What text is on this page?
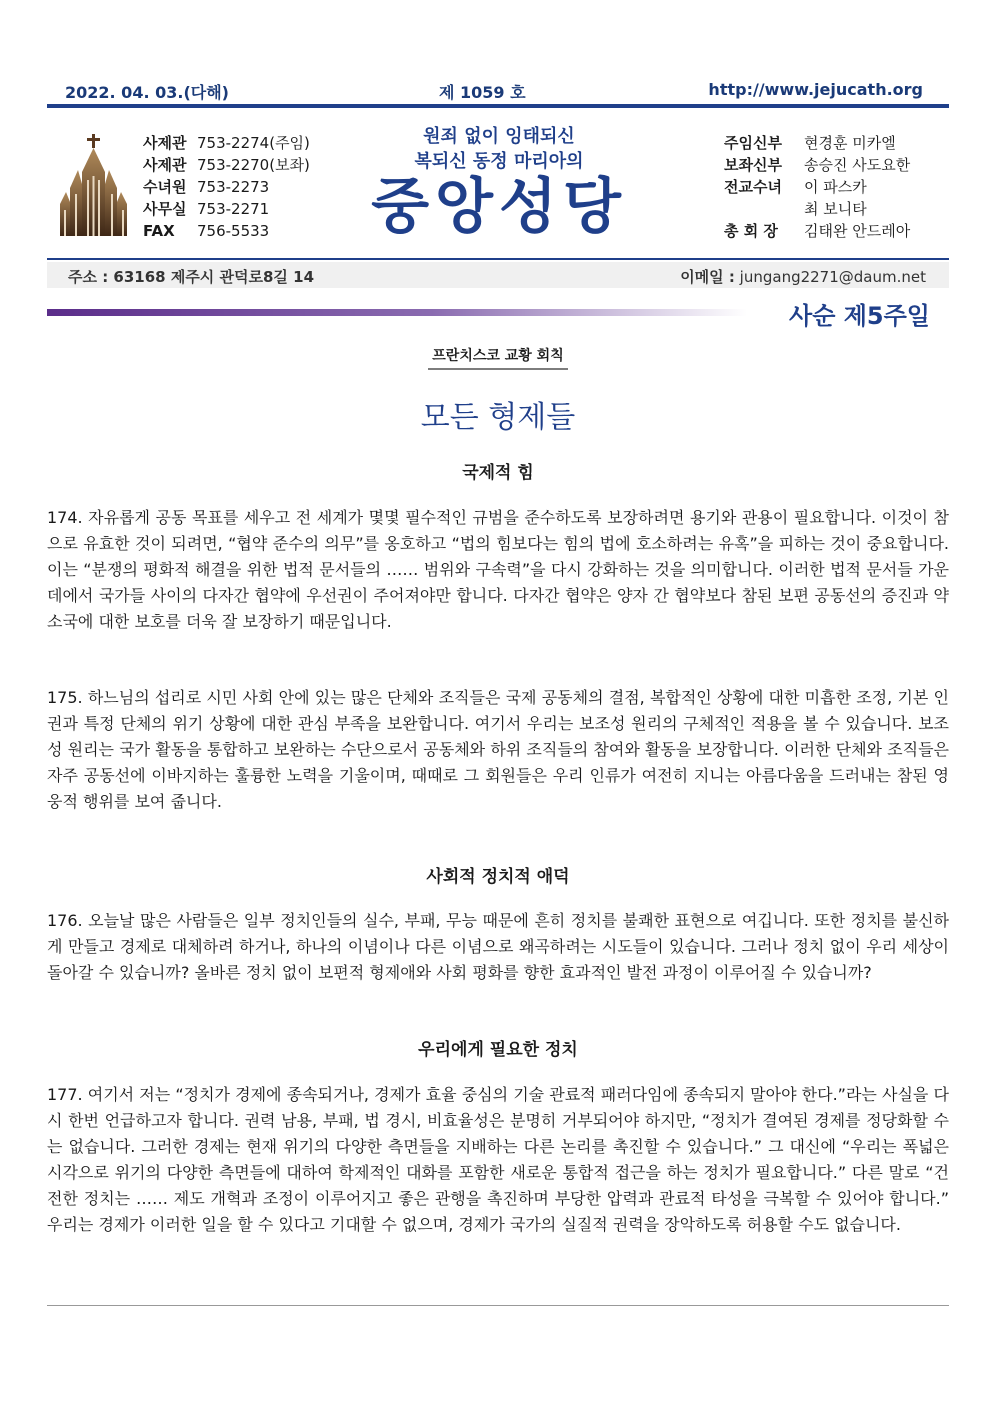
2022. 04. 03.(다해)	제 1059 호	http://www.jejucath.org
사제관 753-2274(주임)
사제관 753-2270(보좌)
수녀원 753-2273
사무실 753-2271
FAX	756-5533
원죄 없이 잉태되신
복되신 동정 마리아의
중앙성당
주임신부	현경훈 미카엘
보좌신부	송승진 사도요한
전교수녀	이 파스카
최 보니타
총 회 장	김태완 안드레아
주소 : 63168 제주시 관덕로8길 14	이메일 : jungang2271@daum.net
사순 제5주일
프란치스코 교황 회칙
모든 형제들
국제적 힘
174. 자유롭게 공동 목표를 세우고 전 세계가 몇몇 필수적인 규범을 준수하도록 보장하려면 용기와 관용이 필요합니다. 이것이 참으로 유효한 것이 되려면, “협약 준수의 의무”를 옹호하고 “법의 힘보다는 힘의 법에 호소하려는 유혹”을 피하는 것이 중요합니다. 이는 “분쟁의 평화적 해결을 위한 법적 문서들의 …… 범위와 구속력”을 다시 강화하는 것을 의미합니다. 이러한 법적 문서들 가운데에서 국가들 사이의 다자간 협약에 우선권이 주어져야만 합니다. 다자간 협약은 양자 간 협약보다 참된 보편 공동선의 증진과 약소국에 대한 보호를 더욱 잘 보장하기 때문입니다.
175. 하느님의 섭리로 시민 사회 안에 있는 많은 단체와 조직들은 국제 공동체의 결점, 복합적인 상황에 대한 미흡한 조정, 기본 인권과 특정 단체의 위기 상황에 대한 관심 부족을 보완합니다. 여기서 우리는 보조성 원리의 구체적인 적용을 볼 수 있습니다. 보조성 원리는 국가 활동을 통합하고 보완하는 수단으로서 공동체와 하위 조직들의 참여와 활동을 보장합니다. 이러한 단체와 조직들은 자주 공동선에 이바지하는 훌륭한 노력을 기울이며, 때때로 그 회원들은 우리 인류가 여전히 지니는 아름다움을 드러내는 참된 영웅적 행위를 보여 줍니다.
사회적 정치적 애덕
176. 오늘날 많은 사람들은 일부 정치인들의 실수, 부패, 무능 때문에 흔히 정치를 불쾌한 표현으로 여깁니다. 또한 정치를 불신하게 만들고 경제로 대체하려 하거나, 하나의 이념이나 다른 이념으로 왜곡하려는 시도들이 있습니다. 그러나 정치 없이 우리 세상이 돌아갈 수 있습니까? 올바른 정치 없이 보편적 형제애와 사회 평화를 향한 효과적인 발전 과정이 이루어질 수 있습니까?
우리에게 필요한 정치
177. 여기서 저는 “정치가 경제에 종속되거나, 경제가 효율 중심의 기술 관료적 패러다임에 종속되지 말아야 한다.”라는 사실을 다시 한번 언급하고자 합니다. 권력 남용, 부패, 법 경시, 비효율성은 분명히 거부되어야 하지만, “정치가 결여된 경제를 정당화할 수는 없습니다. 그러한 경제는 현재 위기의 다양한 측면들을 지배하는 다른 논리를 촉진할 수 있습니다.” 그 대신에 “우리는 폭넓은 시각으로 위기의 다양한 측면들에 대하여 학제적인 대화를 포함한 새로운 통합적 접근을 하는 정치가 필요합니다.” 다른 말로 “건전한 정치는 …… 제도 개혁과 조정이 이루어지고 좋은 관행을 촉진하며 부당한 압력과 관료적 타성을 극복할 수 있어야 합니다.” 우리는 경제가 이러한 일을 할 수 있다고 기대할 수 없으며, 경제가 국가의 실질적 권력을 장악하도록 허용할 수도 없습니다.
